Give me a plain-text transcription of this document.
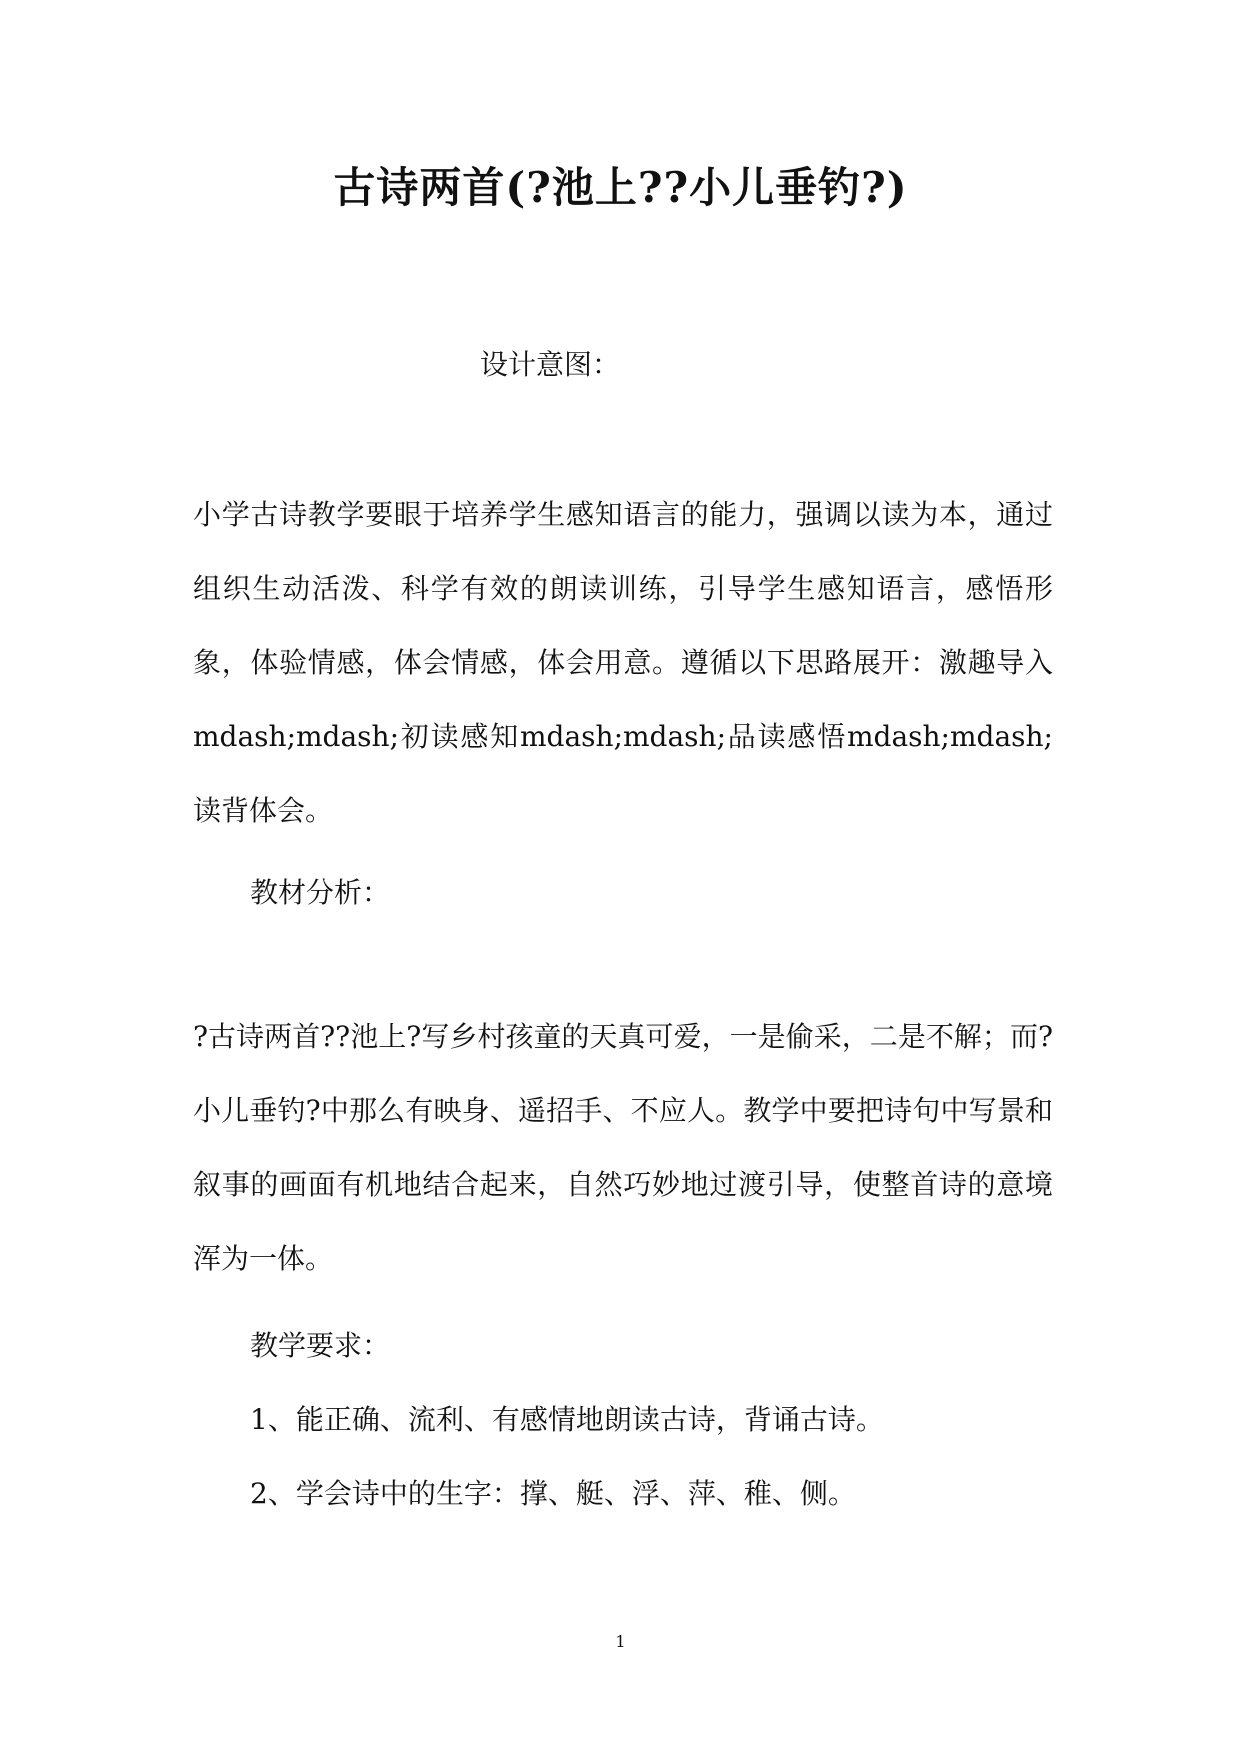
古诗两首(?池上??小儿垂钓?)
设计意图：
小学古诗教学要眼于培养学生感知语言的能力，强调以读为本，通过组织生动活泼、科学有效的朗读训练，引导学生感知语言，感悟形象，体验情感，体会情感，体会用意。遵循以下思路展开：激趣导入mdash;mdash;初读感知mdash;mdash;品读感悟mdash;mdash;读背体会。
教材分析：
?古诗两首??池上?写乡村孩童的天真可爱，一是偷采，二是不解；而?小儿垂钓?中那么有映身、遥招手、不应人。教学中要把诗句中写景和叙事的画面有机地结合起来，自然巧妙地过渡引导，使整首诗的意境浑为一体。
教学要求：
1、能正确、流利、有感情地朗读古诗，背诵古诗。
2、学会诗中的生字：撑、艇、浮、萍、稚、侧。
1
